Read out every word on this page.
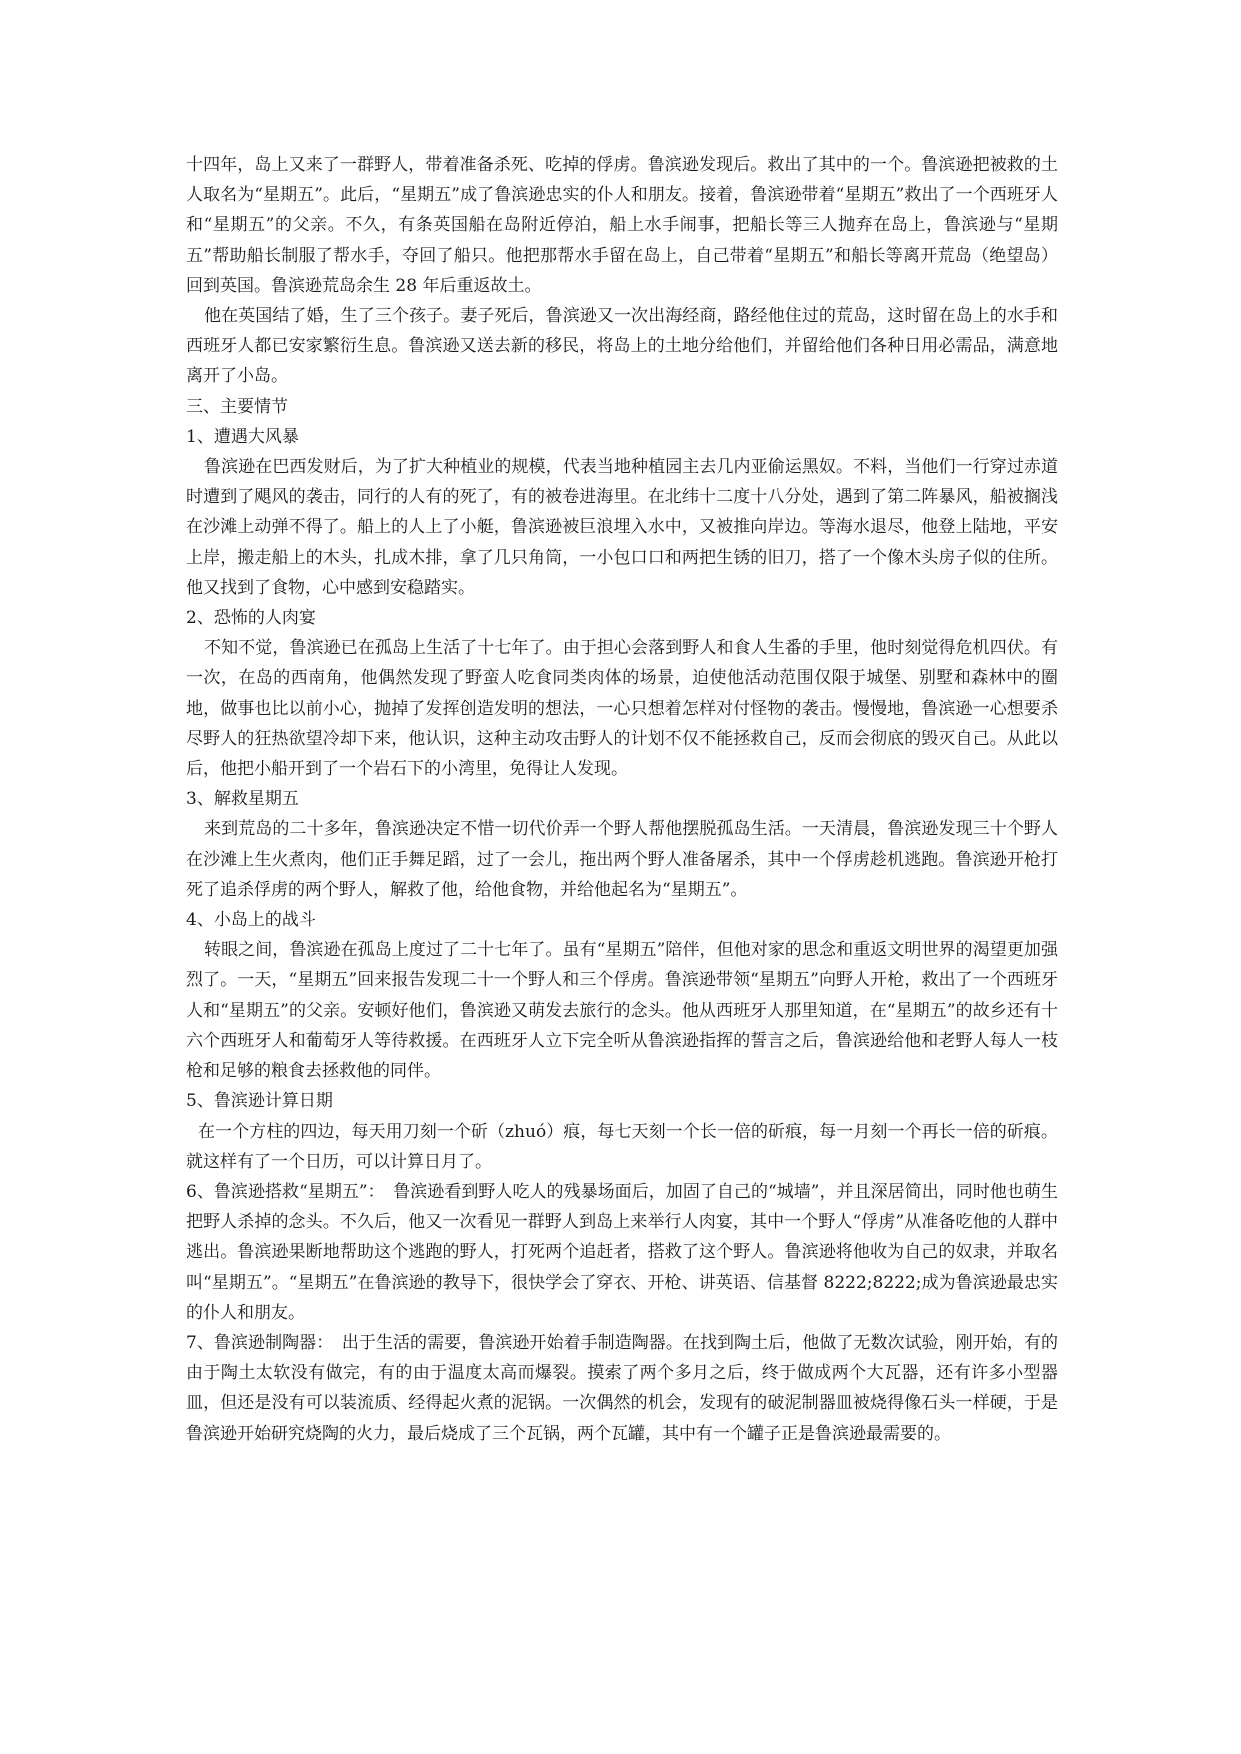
十四年，岛上又来了一群野人，带着准备杀死、吃掉的俘虏。鲁滨逊发现后。救出了其中的一个。鲁滨逊把被救的土人取名为“星期五”。此后，“星期五”成了鲁滨逊忠实的仆人和朋友。接着，鲁滨逊带着“星期五”救出了一个西班牙人和“星期五”的父亲。不久，有条英国船在岛附近停泊，船上水手闹事，把船长等三人抛弃在岛上，鲁滨逊与“星期五”帮助船长制服了帮水手，夺回了船只。他把那帮水手留在岛上，自己带着“星期五”和船长等离开荒岛（绝望岛）回到英国。鲁滨逊荒岛余生 28 年后重返故土。

他在英国结了婚，生了三个孩子。妻子死后，鲁滨逊又一次出海经商，路经他住过的荒岛，这时留在岛上的水手和西班牙人都已安家繁衍生息。鲁滨逊又送去新的移民，将岛上的土地分给他们，并留给他们各种日用必需品，满意地离开了小岛。

三、主要情节

1、遭遇大风暴

鲁滨逊在巴西发财后，为了扩大种植业的规模，代表当地种植园主去几内亚偷运黑奴。不料，当他们一行穿过赤道时遭到了飓风的袭击，同行的人有的死了，有的被卷进海里。在北纬十二度十八分处，遇到了第二阵暴风，船被搁浅在沙滩上动弹不得了。船上的人上了小艇，鲁滨逊被巨浪埋入水中，又被推向岸边。等海水退尽，他登上陆地，平安上岸，搬走船上的木头，扎成木排，拿了几只角筒，一小包口口和两把生锈的旧刀，搭了一个像木头房子似的住所。他又找到了食物，心中感到安稳踏实。

2、恐怖的人肉宴

不知不觉，鲁滨逊已在孤岛上生活了十七年了。由于担心会落到野人和食人生番的手里，他时刻觉得危机四伏。有一次，在岛的西南角，他偶然发现了野蛮人吃食同类肉体的场景，迫使他活动范围仅限于城堡、别墅和森林中的圈地，做事也比以前小心，抛掉了发挥创造发明的想法，一心只想着怎样对付怪物的袭击。慢慢地，鲁滨逊一心想要杀尽野人的狂热欲望冷却下来，他认识，这种主动攻击野人的计划不仅不能拯救自己，反而会彻底的毁灭自己。从此以后，他把小船开到了一个岩石下的小湾里，免得让人发现。

3、解救星期五

来到荒岛的二十多年，鲁滨逊决定不惜一切代价弄一个野人帮他摆脱孤岛生活。一天清晨，鲁滨逊发现三十个野人在沙滩上生火煮肉，他们正手舞足蹈，过了一会儿，拖出两个野人准备屠杀，其中一个俘虏趁机逃跑。鲁滨逊开枪打死了追杀俘虏的两个野人，解救了他，给他食物，并给他起名为“星期五”。

4、小岛上的战斗

转眼之间，鲁滨逊在孤岛上度过了二十七年了。虽有“星期五”陪伴，但他对家的思念和重返文明世界的渴望更加强烈了。一天，“星期五”回来报告发现二十一个野人和三个俘虏。鲁滨逊带领“星期五”向野人开枪，救出了一个西班牙人和“星期五”的父亲。安顿好他们，鲁滨逊又萌发去旅行的念头。他从西班牙人那里知道，在“星期五”的故乡还有十六个西班牙人和葡萄牙人等待救援。在西班牙人立下完全听从鲁滨逊指挥的誓言之后，鲁滨逊给他和老野人每人一枝枪和足够的粮食去拯救他的同伴。

5、鲁滨逊计算日期

在一个方柱的四边，每天用刀刻一个斫（zhuó）痕，每七天刻一个长一倍的斫痕，每一月刻一个再长一倍的斫痕。就这样有了一个日历，可以计算日月了。

6、鲁滨逊搭救“星期五”：　鲁滨逊看到野人吃人的残暴场面后，加固了自己的“城墙”，并且深居简出，同时他也萌生把野人杀掉的念头。不久后，他又一次看见一群野人到岛上来举行人肉宴，其中一个野人“俘虏”从准备吃他的人群中逃出。鲁滨逊果断地帮助这个逃跑的野人，打死两个追赶者，搭救了这个野人。鲁滨逊将他收为自己的奴隶，并取名叫“星期五”。“星期五”在鲁滨逊的教导下，很快学会了穿衣、开枪、讲英语、信基督 8222;8222;成为鲁滨逊最忠实的仆人和朋友。

7、鲁滨逊制陶器：　出于生活的需要，鲁滨逊开始着手制造陶器。在找到陶土后，他做了无数次试验，刚开始，有的由于陶土太软没有做完，有的由于温度太高而爆裂。摸索了两个多月之后，终于做成两个大瓦器，还有许多小型器皿，但还是没有可以装流质、经得起火煮的泥锅。一次偶然的机会，发现有的破泥制器皿被烧得像石头一样硬，于是鲁滨逊开始研究烧陶的火力，最后烧成了三个瓦锅，两个瓦罐，其中有一个罐子正是鲁滨逊最需要的。
